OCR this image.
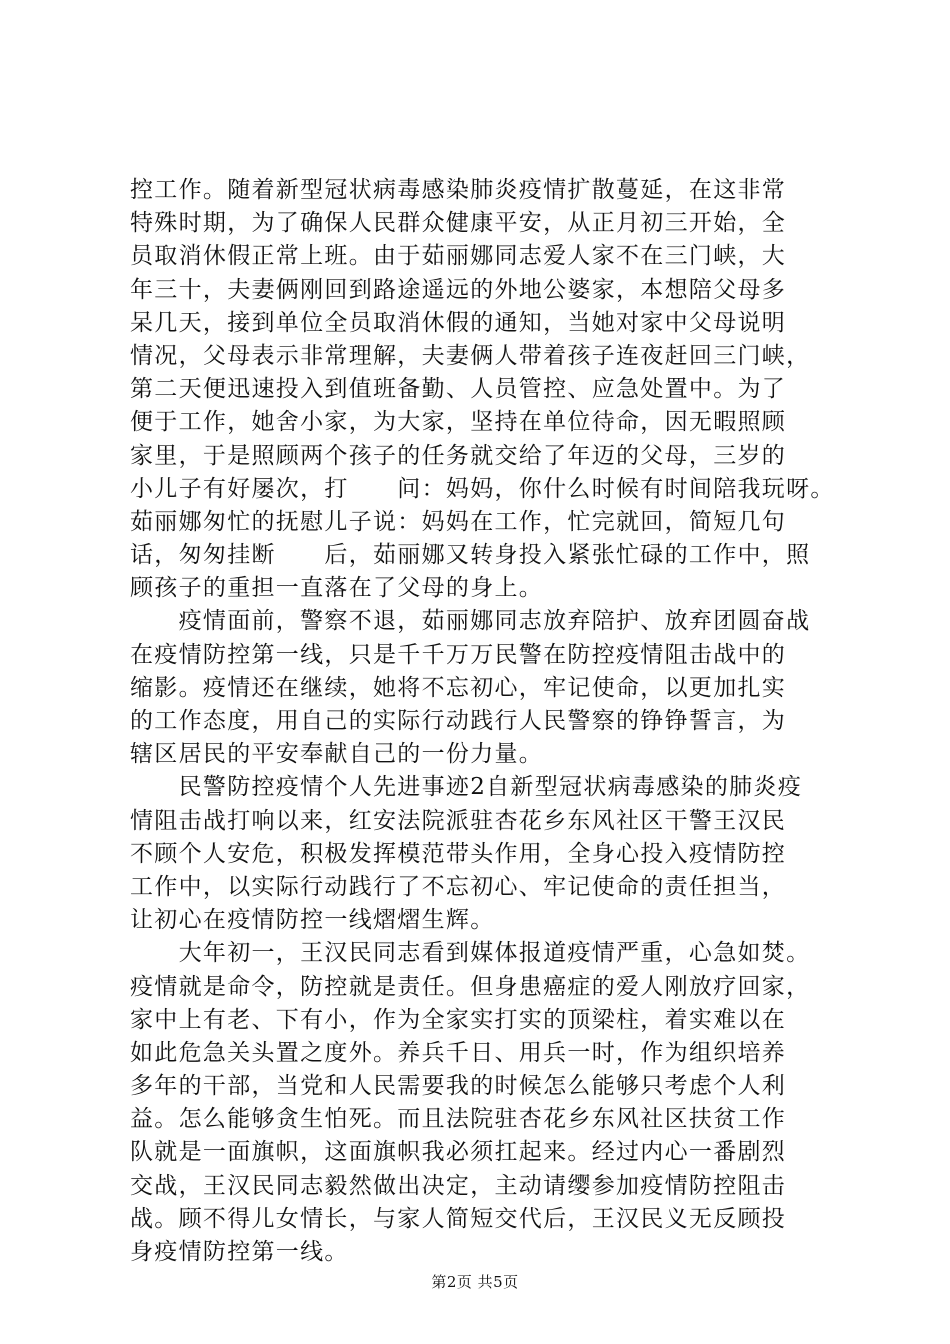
控工作。随着新型冠状病毒感染肺炎疫情扩散蔓延，在这非常
特殊时期，为了确保人民群众健康平安，从正月初三开始，全
员取消休假正常上班。由于茹丽娜同志爱人家不在三门峡，大
年三十，夫妻俩刚回到路途遥远的外地公婆家，本想陪父母多
呆几天，接到单位全员取消休假的通知，当她对家中父母说明
情况，父母表示非常理解，夫妻俩人带着孩子连夜赶回三门峡，
第二天便迅速投入到值班备勤、人员管控、应急处置中。为了
便于工作，她舍小家，为大家，坚持在单位待命，因无暇照顾
家里，于是照顾两个孩子的任务就交给了年迈的父母，三岁的
小儿子有好屡次，打　　问：妈妈，你什么时候有时间陪我玩呀。
茹丽娜匆忙的抚慰儿子说：妈妈在工作，忙完就回，简短几句
话，匆匆挂断　　后，茹丽娜又转身投入紧张忙碌的工作中，照
顾孩子的重担一直落在了父母的身上。
　　疫情面前，警察不退，茹丽娜同志放弃陪护、放弃团圆奋战
在疫情防控第一线，只是千千万万民警在防控疫情阻击战中的
缩影。疫情还在继续，她将不忘初心，牢记使命，以更加扎实
的工作态度，用自己的实际行动践行人民警察的铮铮誓言，为
辖区居民的平安奉献自己的一份力量。
　　民警防控疫情个人先进事迹2自新型冠状病毒感染的肺炎疫
情阻击战打响以来，红安法院派驻杏花乡东风社区干警王汉民
不顾个人安危，积极发挥模范带头作用，全身心投入疫情防控
工作中，以实际行动践行了不忘初心、牢记使命的责任担当，
让初心在疫情防控一线熠熠生辉。
　　大年初一，王汉民同志看到媒体报道疫情严重，心急如焚。
疫情就是命令，防控就是责任。但身患癌症的爱人刚放疗回家，
家中上有老、下有小，作为全家实打实的顶梁柱，着实难以在
如此危急关头置之度外。养兵千日、用兵一时，作为组织培养
多年的干部，当党和人民需要我的时候怎么能够只考虑个人利
益。怎么能够贪生怕死。而且法院驻杏花乡东风社区扶贫工作
队就是一面旗帜，这面旗帜我必须扛起来。经过内心一番剧烈
交战，王汉民同志毅然做出决定，主动请缨参加疫情防控阻击
战。顾不得儿女情长，与家人简短交代后，王汉民义无反顾投
身疫情防控第一线。
第2页 共5页
